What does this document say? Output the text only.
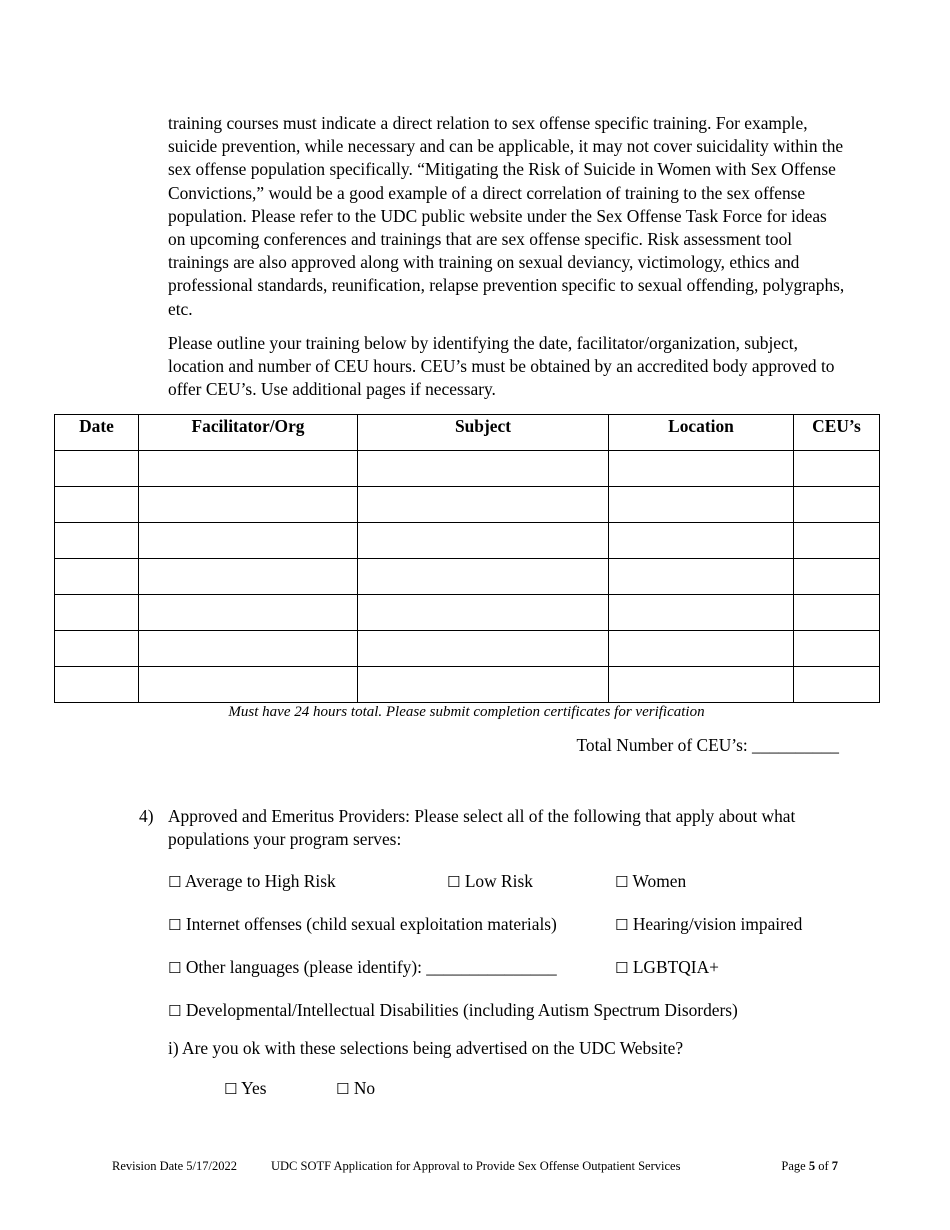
training courses must indicate a direct relation to sex offense specific training. For example, suicide prevention, while necessary and can be applicable, it may not cover suicidality within the sex offense population specifically. “Mitigating the Risk of Suicide in Women with Sex Offense Convictions,” would be a good example of a direct correlation of training to the sex offense population. Please refer to the UDC public website under the Sex Offense Task Force for ideas on upcoming conferences and trainings that are sex offense specific. Risk assessment tool trainings are also approved along with training on sexual deviancy, victimology, ethics and professional standards, reunification, relapse prevention specific to sexual offending, polygraphs, etc.

Please outline your training below by identifying the date, facilitator/organization, subject, location and number of CEU hours. CEU’s must be obtained by an accredited body approved to offer CEU’s. Use additional pages if necessary.

Date	Facilitator/Org	Subject	Location	CEU’s

Must have 24 hours total. Please submit completion certificates for verification
Total Number of CEU’s: __________
4) Approved and Emeritus Providers: Please select all of the following that apply about what populations your program serves:
☐ Average to High Risk	☐ Low Risk	☐ Women
☐ Internet offenses (child sexual exploitation materials)	☐ Hearing/vision impaired
☐ Other languages (please identify): _______________	☐ LGBTQIA+
☐ Developmental/Intellectual Disabilities (including Autism Spectrum Disorders)
i) Are you ok with these selections being advertised on the UDC Website?
☐ Yes	☐ No
Revision Date 5/17/2022	UDC SOTF Application for Approval to Provide Sex Offense Outpatient Services	Page 5 of 7
